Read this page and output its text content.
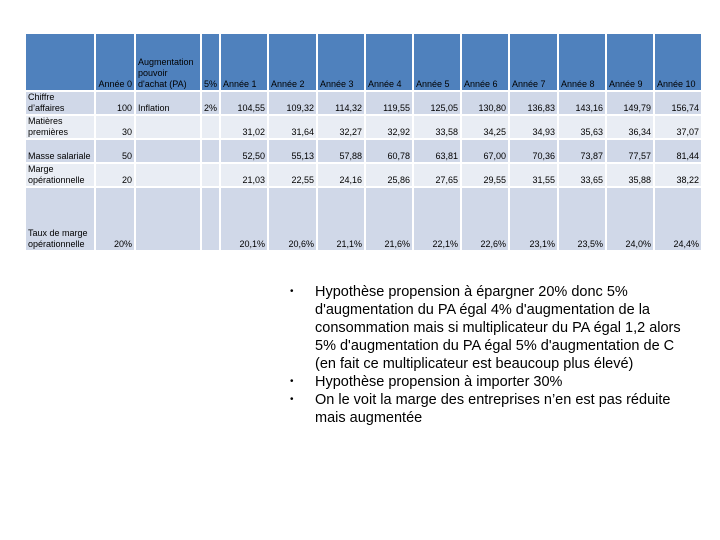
	Année 0	Augmentation pouvoir d'achat (PA)	5%	Année 1	Année 2	Année 3	Année 4	Année 5	Année 6	Année 7	Année 8	Année 9	Année 10
Chiffre d’affaires	100	Inflation	2%	104,55	109,32	114,32	119,55	125,05	130,80	136,83	143,16	149,79	156,74
Matières premières	30			31,02	31,64	32,27	32,92	33,58	34,25	34,93	35,63	36,34	37,07
Masse salariale	50			52,50	55,13	57,88	60,78	63,81	67,00	70,36	73,87	77,57	81,44
Marge opérationnelle	20			21,03	22,55	24,16	25,86	27,65	29,55	31,55	33,65	35,88	38,22
Taux de marge opérationnelle	20%			20,1%	20,6%	21,1%	21,6%	22,1%	22,6%	23,1%	23,5%	24,0%	24,4%
• Hypothèse propension à épargner 20% donc 5% d'augmentation du PA égal 4% d'augmentation de la consommation mais si multiplicateur du PA égal 1,2 alors 5% d'augmentation du PA égal 5% d'augmentation de C (en fait ce multiplicateur est beaucoup plus élevé)
• Hypothèse propension à importer 30%
• On le voit la marge des entreprises n’en est pas réduite mais augmentée
